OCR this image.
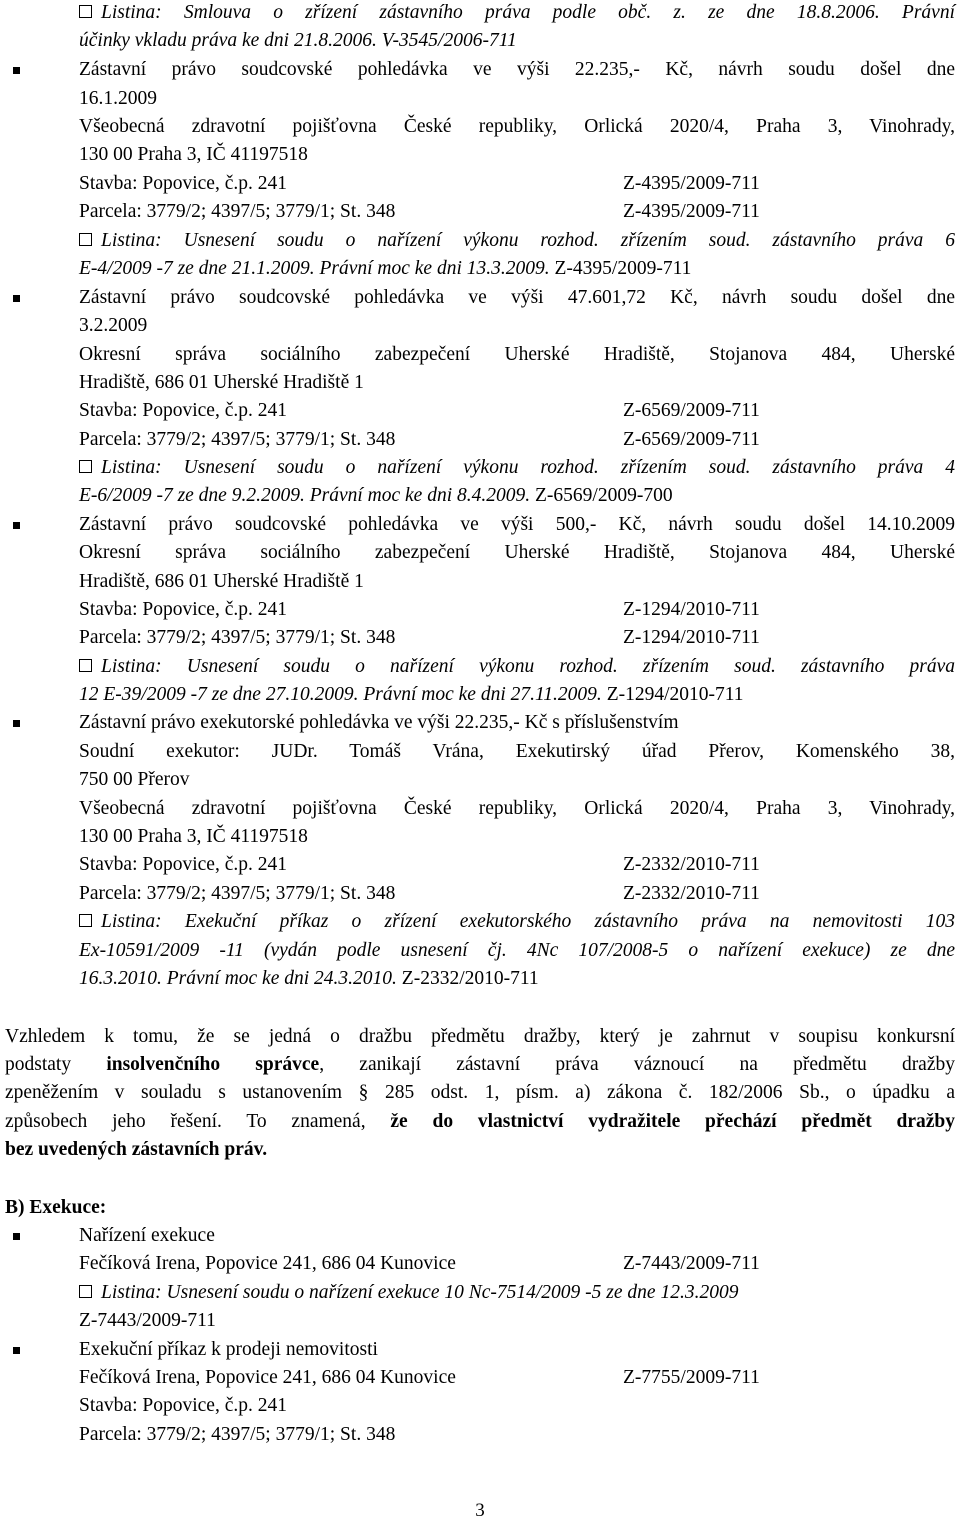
Listina: Smlouva o zřízení zástavního práva podle obč. z. ze dne 18.8.2006. Právní
účinky vkladu práva ke dni 21.8.2006. V-3545/2006-711
Zástavní právo soudcovské pohledávka ve výši 22.235,- Kč, návrh soudu došel dne
16.1.2009
Všeobecná zdravotní pojišťovna České republiky, Orlická 2020/4, Praha 3, Vinohrady,
130 00 Praha 3, IČ 41197518
Stavba: Popovice, č.p. 241	Z-4395/2009-711
Parcela: 3779/2; 4397/5; 3779/1; St. 348	Z-4395/2009-711
Listina: Usnesení soudu o nařízení výkonu rozhod. zřízením soud. zástavního práva 6
E-4/2009 -7 ze dne 21.1.2009. Právní moc ke dni 13.3.2009. Z-4395/2009-711
Zástavní právo soudcovské pohledávka ve výši 47.601,72 Kč, návrh soudu došel dne
3.2.2009
Okresní správa sociálního zabezpečení Uherské Hradiště, Stojanova 484, Uherské
Hradiště, 686 01 Uherské Hradiště 1
Stavba: Popovice, č.p. 241	Z-6569/2009-711
Parcela: 3779/2; 4397/5; 3779/1; St. 348	Z-6569/2009-711
Listina: Usnesení soudu o nařízení výkonu rozhod. zřízením soud. zástavního práva 4
E-6/2009 -7 ze dne 9.2.2009. Právní moc ke dni 8.4.2009. Z-6569/2009-700
Zástavní právo soudcovské pohledávka ve výši 500,- Kč, návrh soudu došel 14.10.2009
Okresní správa sociálního zabezpečení Uherské Hradiště, Stojanova 484, Uherské
Hradiště, 686 01 Uherské Hradiště 1
Stavba: Popovice, č.p. 241	Z-1294/2010-711
Parcela: 3779/2; 4397/5; 3779/1; St. 348	Z-1294/2010-711
Listina: Usnesení soudu o nařízení výkonu rozhod. zřízením soud. zástavního práva
12 E-39/2009 -7 ze dne 27.10.2009. Právní moc ke dni 27.11.2009. Z-1294/2010-711
Zástavní právo exekutorské pohledávka ve výši 22.235,- Kč s příslušenstvím
Soudní exekutor: JUDr. Tomáš Vrána, Exekutirský úřad Přerov, Komenského 38,
750 00 Přerov
Všeobecná zdravotní pojišťovna České republiky, Orlická 2020/4, Praha 3, Vinohrady,
130 00 Praha 3, IČ 41197518
Stavba: Popovice, č.p. 241	Z-2332/2010-711
Parcela: 3779/2; 4397/5; 3779/1; St. 348	Z-2332/2010-711
Listina: Exekuční příkaz o zřízení exekutorského zástavního práva na nemovitosti 103
Ex-10591/2009 -11 (vydán podle usnesení čj. 4Nc 107/2008-5 o nařízení exekuce) ze dne
16.3.2010. Právní moc ke dni 24.3.2010. Z-2332/2010-711
Vzhledem k tomu, že se jedná o dražbu předmětu dražby, který je zahrnut v soupisu konkursní
podstaty insolvenčního správce, zanikají zástavní práva váznoucí na předmětu dražby
zpeněžením v souladu s ustanovením § 285 odst. 1, písm. a) zákona č. 182/2006 Sb., o úpadku a
způsobech jeho řešení. To znamená, že do vlastnictví vydražitele přechází předmět dražby
bez uvedených zástavních práv.
B) Exekuce:
Nařízení exekuce
Fečíková Irena, Popovice 241, 686 04 Kunovice	Z-7443/2009-711
Listina: Usnesení soudu o nařízení exekuce 10 Nc-7514/2009 -5 ze dne 12.3.2009
Z-7443/2009-711
Exekuční příkaz k prodeji nemovitosti
Fečíková Irena, Popovice 241, 686 04 Kunovice	Z-7755/2009-711
Stavba: Popovice, č.p. 241
Parcela: 3779/2; 4397/5; 3779/1; St. 348
3
